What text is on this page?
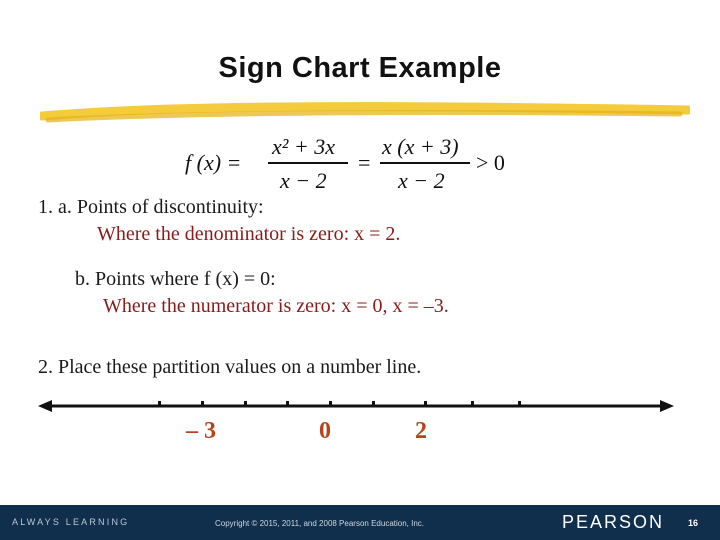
Sign Chart Example
f (x) =
x² + 3x
x − 2
=
x (x + 3)
x − 2
> 0
1. a. Points of discontinuity:
Where the denominator is zero: x = 2.
b. Points where f (x) = 0:
Where the numerator is zero: x = 0, x = –3.
2. Place these partition values on a number line.
– 3	0	2
ALWAYS LEARNING	Copyright © 2015, 2011, and 2008 Pearson Education, Inc.	PEARSON	16
